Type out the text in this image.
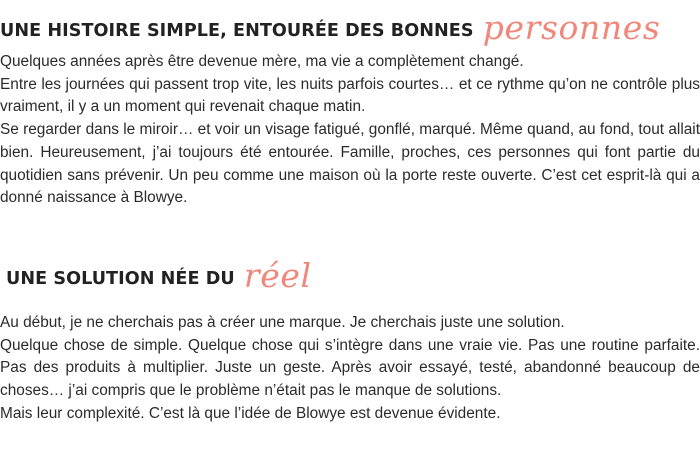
UNE HISTOIRE SIMPLE, ENTOURÉE DES BONNES personnes

Quelques années après être devenue mère, ma vie a complètement changé.

Entre les journées qui passent trop vite, les nuits parfois courtes… et ce rythme qu’on ne contrôle plus vraiment, il y a un moment qui revenait chaque matin.

Se regarder dans le miroir… et voir un visage fatigué, gonflé, marqué. Même quand, au fond, tout allait bien. Heureusement, j’ai toujours été entourée. Famille, proches, ces personnes qui font partie du quotidien sans prévenir. Un peu comme une maison où la porte reste ouverte. C’est cet esprit-là qui a donné naissance à Blowye.

UNE SOLUTION NÉE DU réel

Au début, je ne cherchais pas à créer une marque. Je cherchais juste une solution.

Quelque chose de simple. Quelque chose qui s’intègre dans une vraie vie. Pas une routine parfaite. Pas des produits à multiplier. Juste un geste. Après avoir essayé, testé, abandonné beaucoup de choses… j’ai compris que le problème n’était pas le manque de solutions.

Mais leur complexité. C’est là que l’idée de Blowye est devenue évidente.
